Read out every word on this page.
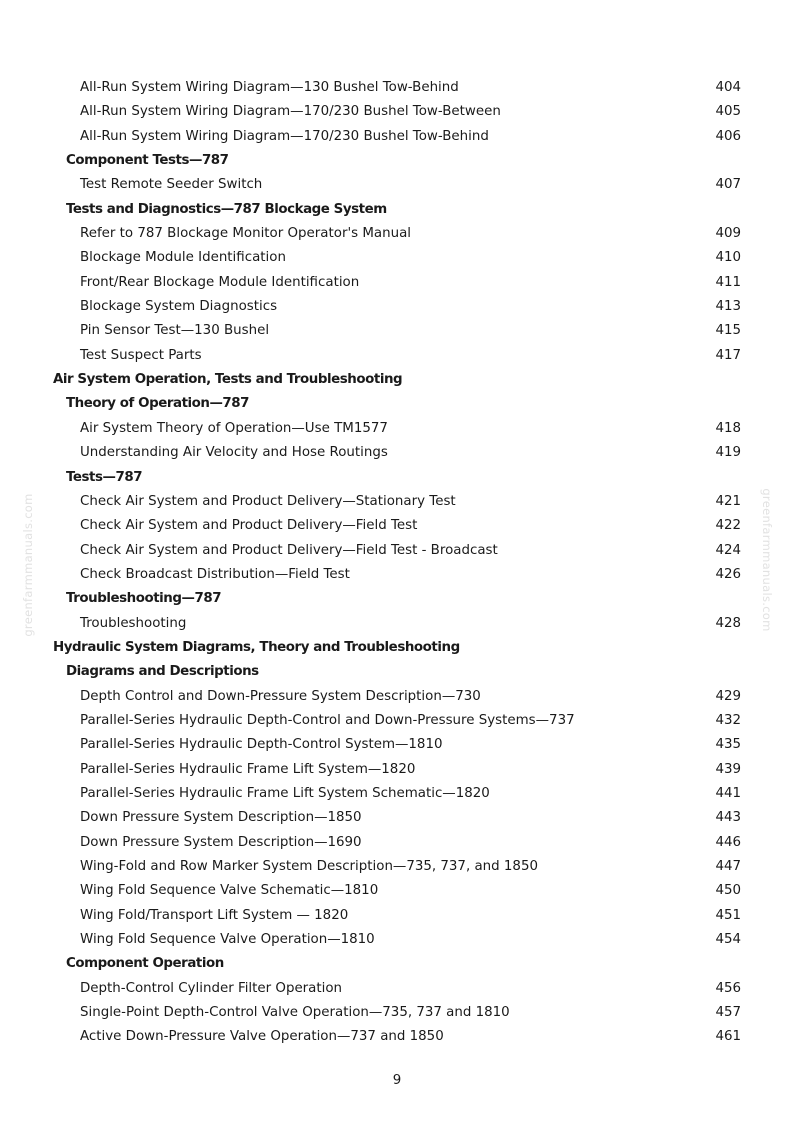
All-Run System Wiring Diagram—130 Bushel Tow-Behind	404
All-Run System Wiring Diagram—170/230 Bushel Tow-Between	405
All-Run System Wiring Diagram—170/230 Bushel Tow-Behind	406
Component Tests—787
Test Remote Seeder Switch	407
Tests and Diagnostics—787 Blockage System
Refer to 787 Blockage Monitor Operator's Manual	409
Blockage Module Identification	410
Front/Rear Blockage Module Identification	411
Blockage System Diagnostics	413
Pin Sensor Test—130 Bushel	415
Test Suspect Parts	417
Air System Operation, Tests and Troubleshooting
Theory of Operation—787
Air System Theory of Operation—Use TM1577	418
Understanding Air Velocity and Hose Routings	419
Tests—787
Check Air System and Product Delivery—Stationary Test	421
Check Air System and Product Delivery—Field Test	422
Check Air System and Product Delivery—Field Test - Broadcast	424
Check Broadcast Distribution—Field Test	426
Troubleshooting—787
Troubleshooting	428
Hydraulic System Diagrams, Theory and Troubleshooting
Diagrams and Descriptions
Depth Control and Down-Pressure System Description—730	429
Parallel-Series Hydraulic Depth-Control and Down-Pressure Systems—737	432
Parallel-Series Hydraulic Depth-Control System—1810	435
Parallel-Series Hydraulic Frame Lift System—1820	439
Parallel-Series Hydraulic Frame Lift System Schematic—1820	441
Down Pressure System Description—1850	443
Down Pressure System Description—1690	446
Wing-Fold and Row Marker System Description—735, 737, and 1850	447
Wing Fold Sequence Valve Schematic—1810	450
Wing Fold/Transport Lift System — 1820	451
Wing Fold Sequence Valve Operation—1810	454
Component Operation
Depth-Control Cylinder Filter Operation	456
Single-Point Depth-Control Valve Operation—735, 737 and 1810	457
Active Down-Pressure Valve Operation—737 and 1850	461
greenfarmmanuals.com	greenfarmmanuals.com
9
